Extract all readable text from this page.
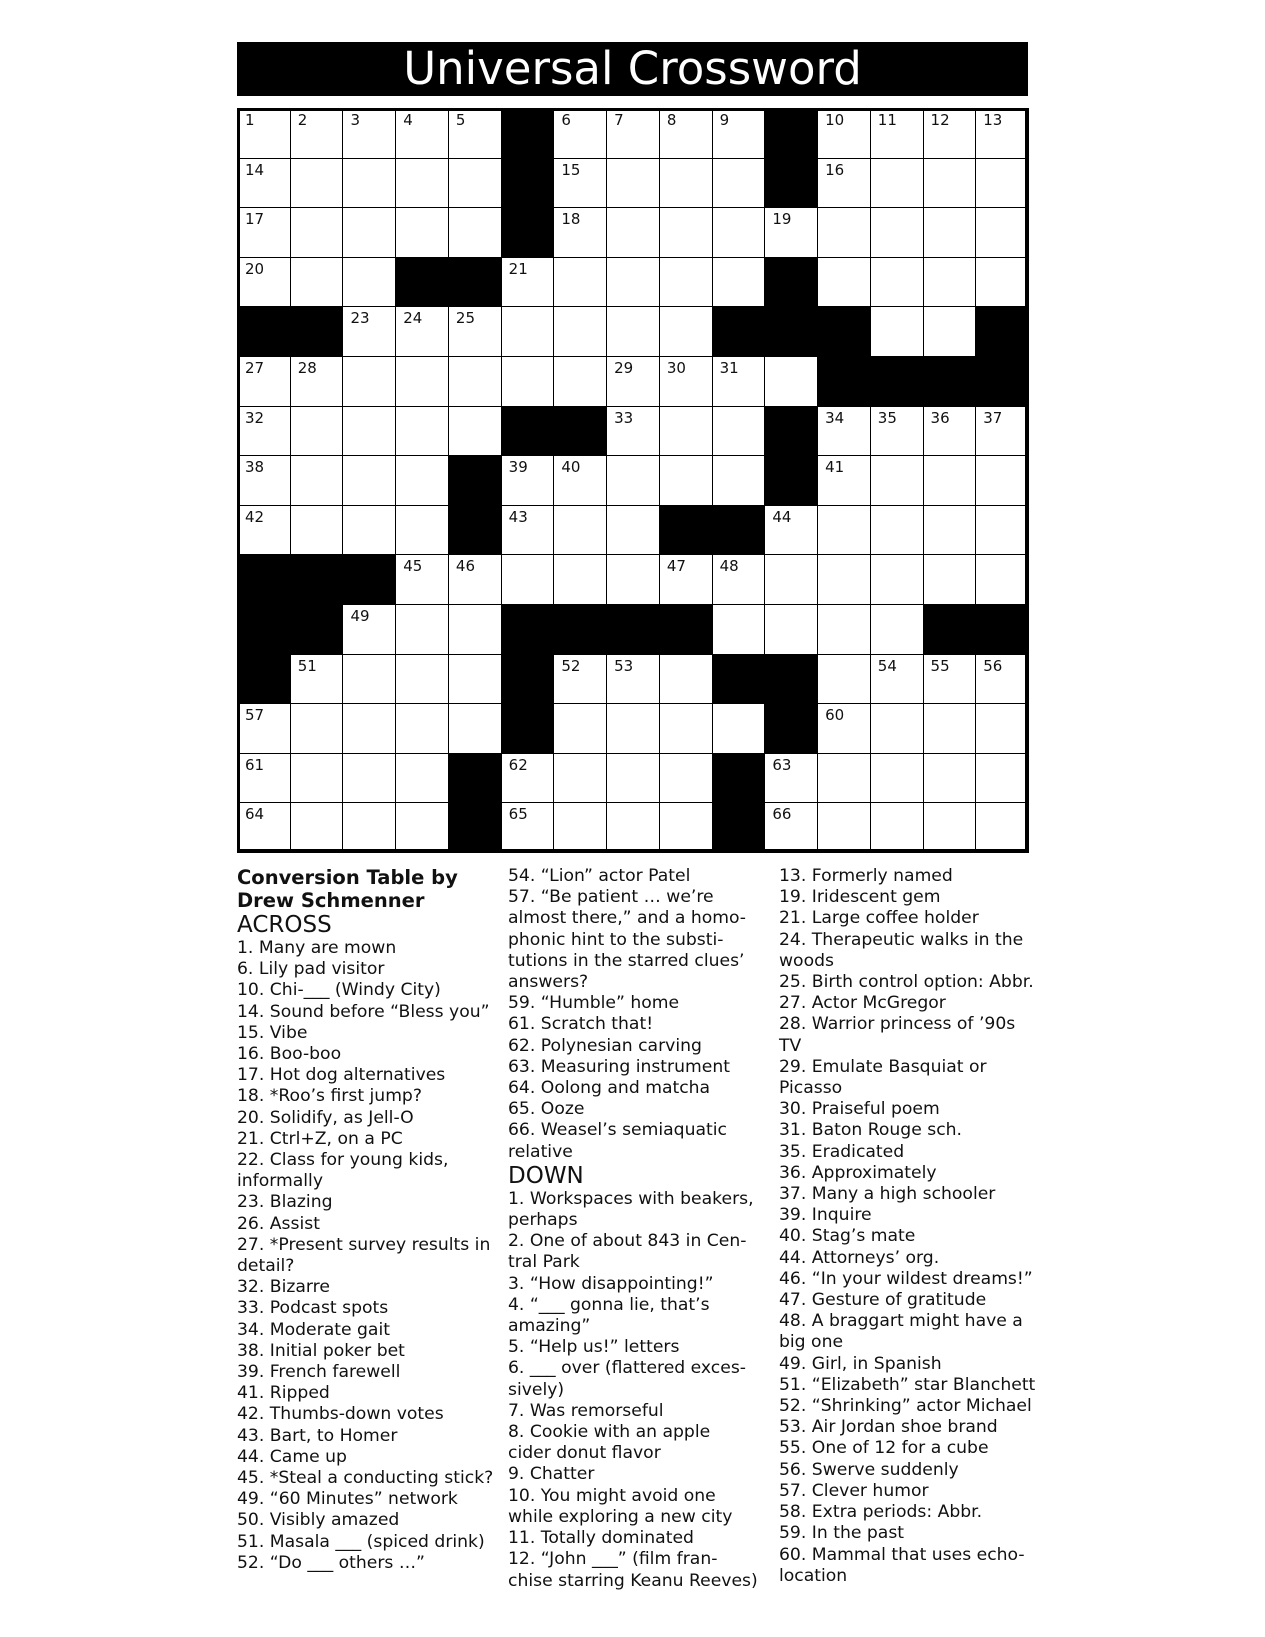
Universal Crossword
1	2	3	4	5	6	7	8	9	10 11 12 13
14	15	16
17	18	19
20	21
23 24 25
27 28	29 30 31
32	33	34 35 36 37
38	39 40	41
42	43	44
45 46	47 48
49
51	52 53	54 55 56
57	60
61	62	63
64	65	66
Conversion Table by
Drew Schmenner
ACROSS
1. Many are mown
6. Lily pad visitor
10. Chi-___ (Windy City)
14. Sound before “Bless you”
15. Vibe
16. Boo-boo
17. Hot dog alternatives
18. *Roo’s first jump?
20. Solidify, as Jell-O
21. Ctrl+Z, on a PC
22. Class for young kids,
informally
23. Blazing
26. Assist
27. *Present survey results in
detail?
32. Bizarre
33. Podcast spots
34. Moderate gait
38. Initial poker bet
39. French farewell
41. Ripped
42. Thumbs-down votes
43. Bart, to Homer
44. Came up
45. *Steal a conducting stick?
49. “60 Minutes” network
50. Visibly amazed
51. Masala ___ (spiced drink)
52. “Do ___ others …”
54. “Lion” actor Patel
57. “Be patient … we’re
almost there,” and a homo-
phonic hint to the substi-
tutions in the starred clues’
answers?
59. “Humble” home
61. Scratch that!
62. Polynesian carving
63. Measuring instrument
64. Oolong and matcha
65. Ooze
66. Weasel’s semiaquatic
relative
DOWN
1. Workspaces with beakers,
perhaps
2. One of about 843 in Cen-
tral Park
3. “How disappointing!”
4. “___ gonna lie, that’s
amazing”
5. “Help us!” letters
6. ___ over (flattered exces-
sively)
7. Was remorseful
8. Cookie with an apple
cider donut flavor
9. Chatter
10. You might avoid one
while exploring a new city
11. Totally dominated
12. “John ___” (film fran-
chise starring Keanu Reeves)
13. Formerly named
19. Iridescent gem
21. Large coffee holder
24. Therapeutic walks in the
woods
25. Birth control option: Abbr.
27. Actor McGregor
28. Warrior princess of ’90s
TV
29. Emulate Basquiat or
Picasso
30. Praiseful poem
31. Baton Rouge sch.
35. Eradicated
36. Approximately
37. Many a high schooler
39. Inquire
40. Stag’s mate
44. Attorneys’ org.
46. “In your wildest dreams!”
47. Gesture of gratitude
48. A braggart might have a
big one
49. Girl, in Spanish
51. “Elizabeth” star Blanchett
52. “Shrinking” actor Michael
53. Air Jordan shoe brand
55. One of 12 for a cube
56. Swerve suddenly
57. Clever humor
58. Extra periods: Abbr.
59. In the past
60. Mammal that uses echo-
location
